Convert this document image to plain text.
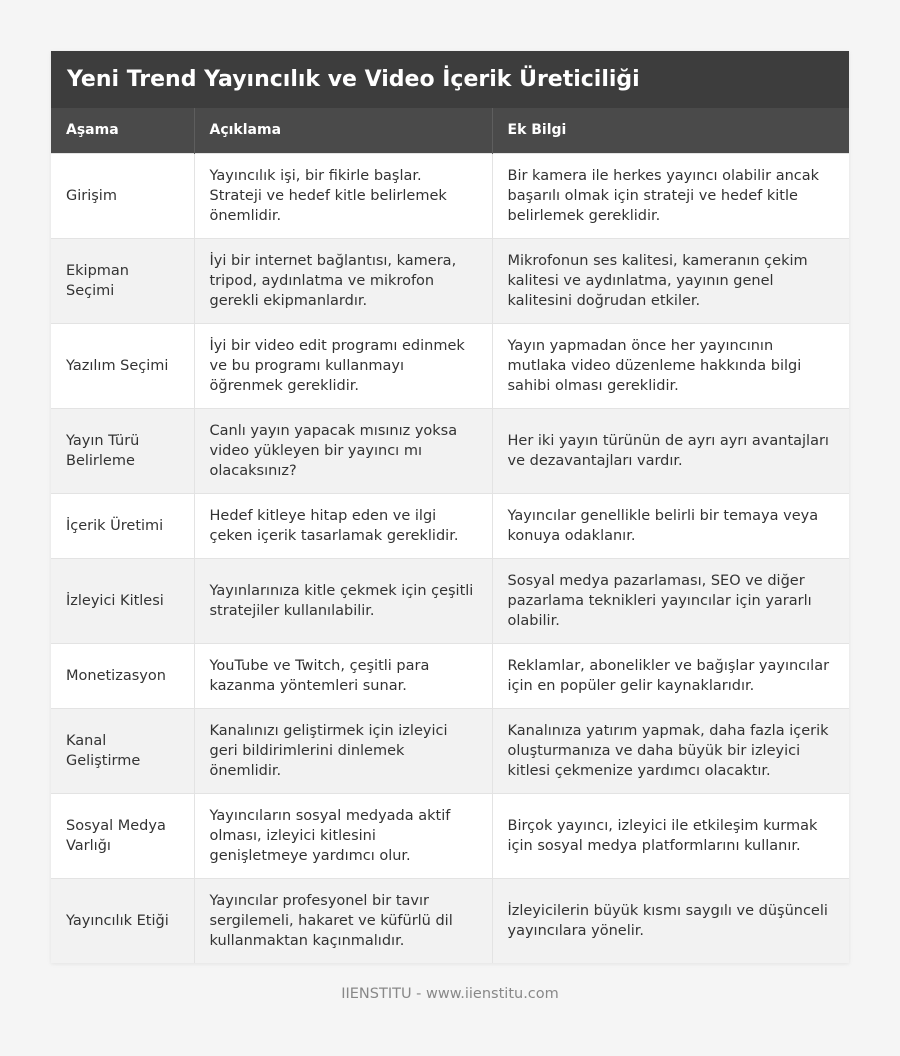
Yeni Trend Yayıncılık ve Video İçerik Üreticiliği
Aşama	Açıklama	Ek Bilgi
Girişim	Yayıncılık işi, bir fikirle başlar. Strateji ve hedef kitle belirlemek önemlidir.	Bir kamera ile herkes yayıncı olabilir ancak başarılı olmak için strateji ve hedef kitle belirlemek gereklidir.
Ekipman Seçimi	İyi bir internet bağlantısı, kamera, tripod, aydınlatma ve mikrofon gerekli ekipmanlardır.	Mikrofonun ses kalitesi, kameranın çekim kalitesi ve aydınlatma, yayının genel kalitesini doğrudan etkiler.
Yazılım Seçimi	İyi bir video edit programı edinmek ve bu programı kullanmayı öğrenmek gereklidir.	Yayın yapmadan önce her yayıncının mutlaka video düzenleme hakkında bilgi sahibi olması gereklidir.
Yayın Türü Belirleme	Canlı yayın yapacak mısınız yoksa video yükleyen bir yayıncı mı olacaksınız?	Her iki yayın türünün de ayrı ayrı avantajları ve dezavantajları vardır.
İçerik Üretimi	Hedef kitleye hitap eden ve ilgi çeken içerik tasarlamak gereklidir.	Yayıncılar genellikle belirli bir temaya veya konuya odaklanır.
İzleyici Kitlesi	Yayınlarınıza kitle çekmek için çeşitli stratejiler kullanılabilir.	Sosyal medya pazarlaması, SEO ve diğer pazarlama teknikleri yayıncılar için yararlı olabilir.
Monetizasyon	YouTube ve Twitch, çeşitli para kazanma yöntemleri sunar.	Reklamlar, abonelikler ve bağışlar yayıncılar için en popüler gelir kaynaklarıdır.
Kanal Geliştirme	Kanalınızı geliştirmek için izleyici geri bildirimlerini dinlemek önemlidir.	Kanalınıza yatırım yapmak, daha fazla içerik oluşturmanıza ve daha büyük bir izleyici kitlesi çekmenize yardımcı olacaktır.
Sosyal Medya Varlığı	Yayıncıların sosyal medyada aktif olması, izleyici kitlesini genişletmeye yardımcı olur.	Birçok yayıncı, izleyici ile etkileşim kurmak için sosyal medya platformlarını kullanır.
Yayıncılık Etiği	Yayıncılar profesyonel bir tavır sergilemeli, hakaret ve küfürlü dil kullanmaktan kaçınmalıdır.	İzleyicilerin büyük kısmı saygılı ve düşünceli yayıncılara yönelir.
IIENSTITU - www.iienstitu.com
